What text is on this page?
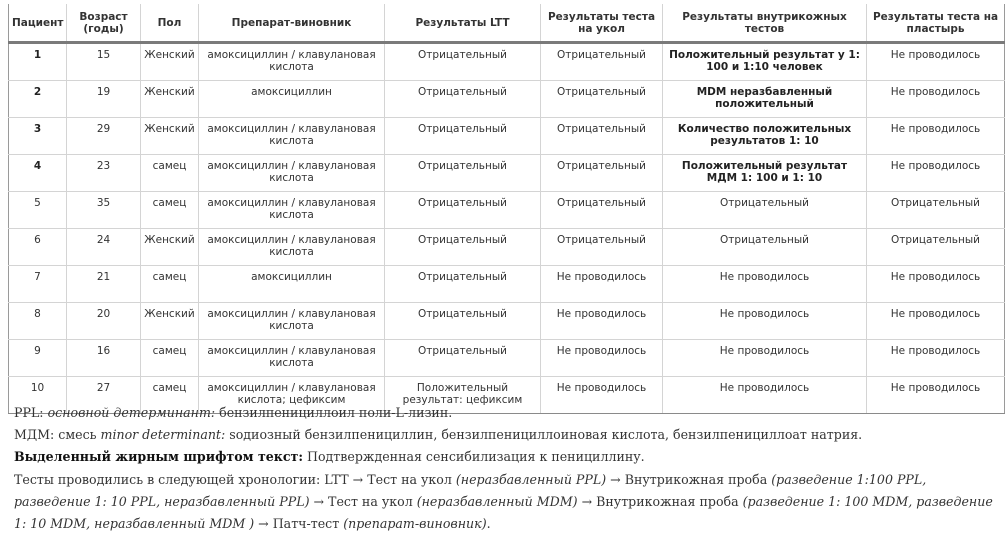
Пациент	Возраст (годы)	Пол	Препарат-виновник	Результаты LTT	Результаты теста на укол	Результаты внутрикожных тестов	Результаты теста на пластырь
1	15	Женский	амоксициллин / клавулановая кислота	Отрицательный	Отрицательный	Положительный результат у 1: 100 и 1:10 человек	Не проводилось
2	19	Женский	амоксициллин	Отрицательный	Отрицательный	MDM неразбавленный положительный	Не проводилось
3	29	Женский	амоксициллин / клавулановая кислота	Отрицательный	Отрицательный	Количество положительных результатов 1: 10	Не проводилось
4	23	самец	амоксициллин / клавулановая кислота	Отрицательный	Отрицательный	Положительный результат МДМ 1: 100 и 1: 10	Не проводилось
5	35	самец	амоксициллин / клавулановая кислота	Отрицательный	Отрицательный	Отрицательный	Отрицательный
6	24	Женский	амоксициллин / клавулановая кислота	Отрицательный	Отрицательный	Отрицательный	Отрицательный
7	21	самец	амоксициллин	Отрицательный	Не проводилось	Не проводилось	Не проводилось
8	20	Женский	амоксициллин / клавулановая кислота	Отрицательный	Не проводилось	Не проводилось	Не проводилось
9	16	самец	амоксициллин / клавулановая кислота	Отрицательный	Не проводилось	Не проводилось	Не проводилось
10	27	самец	амоксициллин / клавулановая кислота; цефиксим	Положительный результат: цефиксим	Не проводилось	Не проводилось	Не проводилось

PPL: основной детерминант: бензилпенициллоил поли-L-лизин.

МДМ: смесь minor determinant: sодиозный бензилпенициллин, бензилпенициллоиновая кислота, бензилпенициллоат натрия.

Выделенный жирным шрифтом текст: Подтвержденная сенсибилизация к пенициллину.

Тесты проводились в следующей хронологии: LTT → Тест на укол (неразбавленный PPL) → Внутрикожная проба (разведение 1:100 PPL, разведение 1: 10 PPL, неразбавленный PPL) → Тест на укол (неразбавленный MDM) → Внутрикожная проба (разведение 1: 100 MDM, разведение 1: 10 MDM, неразбавленный MDM ) → Патч-тест (препарат-виновник).
